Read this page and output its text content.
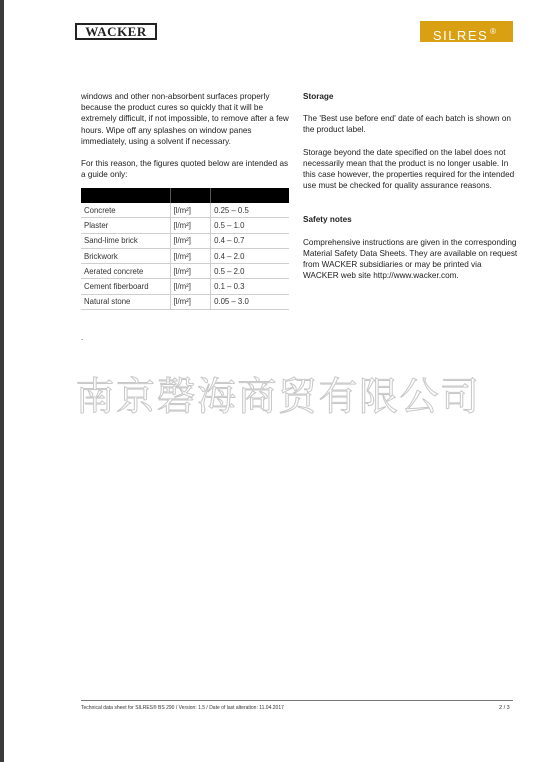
WACKER	SILRES ®

windows and other non-absorbent surfaces properly because the product cures so quickly that it will be extremely difficult, if not impossible, to remove after a few hours. Wipe off any splashes on window panes immediately, using a solvent if necessary.

For this reason, the figures quoted below are intended as a guide only:

Concrete	[l/m²]	0.25 – 0.5
Plaster	[l/m²]	0.5 – 1.0
Sand-lime brick	[l/m²]	0.4 – 0.7
Brickwork	[l/m²]	0.4 – 2.0
Aerated concrete	[l/m²]	0.5 – 2.0
Cement fiberboard	[l/m²]	0.1 – 0.3
Natural stone	[l/m²]	0.05 – 3.0
.
Storage

The 'Best use before end' date of each batch is shown on the product label.

Storage beyond the date specified on the label does not necessarily mean that the product is no longer usable. In this case however, the properties required for the intended use must be checked for quality assurance reasons.

Safety notes

Comprehensive instructions are given in the corresponding Material Safety Data Sheets. They are available on request from WACKER subsidiaries or may be printed via WACKER web site http://www.wacker.com.

南京磬海商贸有限公司
Technical data sheet for SILRES® BS 290 / Version: 1.5 / Date of last alteration: 11.04.2017	2 / 3
